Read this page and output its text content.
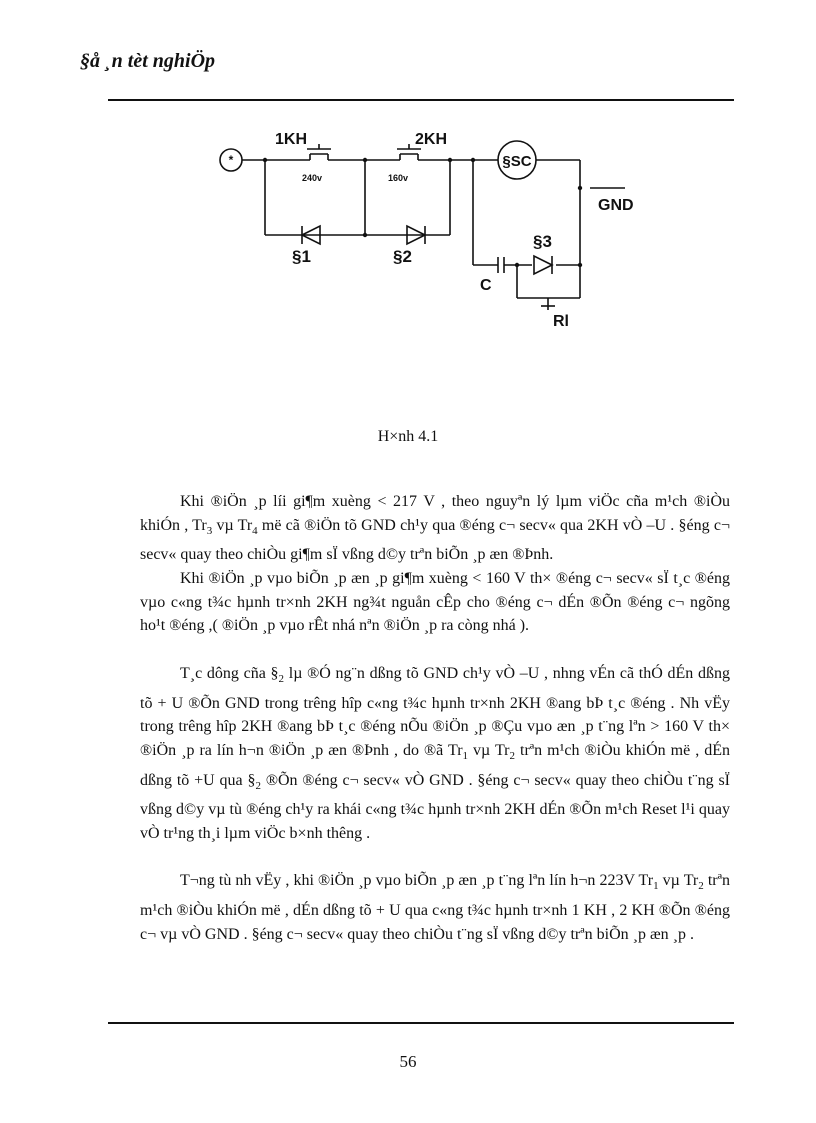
§å ¸n tèt nghiÖp
*
1KH
240v
2KH
160v
§SC
GND
§1	§2
§3
C
Rl
H×nh 4.1

Khi ®iÖn ¸p líi gi¶m xuèng < 217 V , theo nguyªn lý lµm viÖc cña m¹ch ®iÒu khiÓn , $Tr_3$ vµ $Tr_4$ më cã ®iÖn tõ GND ch¹y qua ®éng c¬ secv« qua 2KH vÒ –U . §éng c¬ secv« quay theo chiÒu gi¶m sÏ vßng d©y trªn biÕn ¸p æn ®Þnh.

Khi ®iÖn ¸p vµo biÕn ¸p æn ¸p gi¶m xuèng < 160 V th× ®éng c¬ secv« sÏ t¸c ®éng vµo c«ng t¾c hµnh tr×nh 2KH ng¾t nguån cÊp cho ®éng c¬ dÉn ®Õn ®éng c¬ ngõng ho¹t ®éng ,( ®iÖn ¸p vµo rÊt nhá nªn ®iÖn ¸p ra còng nhá ).

T¸c dông cña $\S_2$ lµ ®Ó ng¨n dßng tõ GND ch¹y vÒ –U , nhng vÉn cã thÓ dÉn dßng tõ + U ®Õn GND trong trêng hîp c«ng t¾c hµnh tr×nh 2KH ®ang bÞ t¸c ®éng . Nh vËy trong trêng hîp 2KH ®ang bÞ t¸c ®éng nÕu ®iÖn ¸p ®Çu vµo æn ¸p t¨ng lªn > 160 V th× ®iÖn ¸p ra lín h¬n ®iÖn ¸p æn ®Þnh , do ®ã $Tr_1$ vµ $Tr_2$ trªn m¹ch ®iÒu khiÓn më , dÉn dßng tõ +U qua $\S_2$ ®Õn ®éng c¬ secv« vÒ GND . §éng c¬ secv« quay theo chiÒu t¨ng sÏ vßng d©y vµ tù ®éng ch¹y ra khái c«ng t¾c hµnh tr×nh 2KH dÉn ®Õn m¹ch Reset l¹i quay vÒ tr¹ng th¸i lµm viÖc b×nh thêng .

T¬ng tù nh vËy , khi ®iÖn ¸p vµo biÕn ¸p æn ¸p t¨ng lªn lín h¬n 223V $Tr_1$ vµ $Tr_2$ trªn m¹ch ®iÒu khiÓn më , dÉn dßng tõ + U qua c«ng t¾c hµnh tr×nh 1 KH , 2 KH ®Õn ®éng c¬ vµ vÒ GND . §éng c¬ secv« quay theo chiÒu t¨ng sÏ vßng d©y trªn biÕn ¸p æn ¸p .

56
